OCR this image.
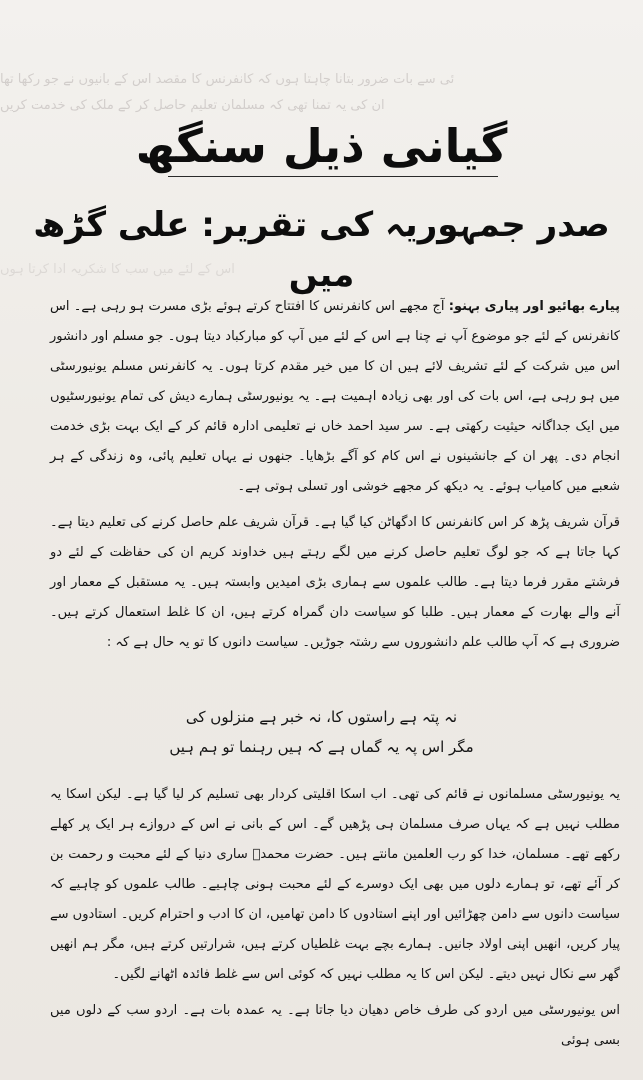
ئی سے بات ضرور بتانا چاہتا ہوں کہ کانفرنس کا مقصد اس کے بانیوں نے جو رکھا تھا
ان کی یہ تمنا تھی کہ مسلمان تعلیم حاصل کر کے ملک کی خدمت کریں
اس کے لئے میں سب کا شکریہ ادا کرتا ہوں
گیانی ذیل سنگھ
صدر جمہوریہ کی تقریر: علی گڑھ میں

پیارے بھائیو اور پیاری بہنو: آج مجھے اس کانفرنس کا افتتاح کرتے ہوئے بڑی مسرت ہو رہی ہے۔ اس کانفرنس کے لئے جو موضوع آپ نے چنا ہے اس کے لئے میں آپ کو مبارکباد دیتا ہوں۔ جو مسلم اور دانشور اس میں شرکت کے لئے تشریف لائے ہیں ان کا میں خیر مقدم کرتا ہوں۔ یہ کانفرنس مسلم یونیورسٹی میں ہو رہی ہے، اس بات کی اور بھی زیادہ اہمیت ہے۔ یہ یونیورسٹی ہمارے دیش کی تمام یونیورسٹیوں میں ایک جداگانہ حیثیت رکھتی ہے۔ سر سید احمد خاں نے تعلیمی ادارہ قائم کر کے ایک بہت بڑی خدمت انجام دی۔ پھر ان کے جانشینوں نے اس کام کو آگے بڑھایا۔ جنھوں نے یہاں تعلیم پائی، وہ زندگی کے ہر شعبے میں کامیاب ہوئے۔ یہ دیکھ کر مجھے خوشی اور تسلی ہوتی ہے۔

قرآن شریف پڑھ کر اس کانفرنس کا ادگھاٹن کیا گیا ہے۔ قرآن شریف علم حاصل کرنے کی تعلیم دیتا ہے۔ کہا جاتا ہے کہ جو لوگ تعلیم حاصل کرنے میں لگے رہتے ہیں خداوند کریم ان کی حفاظت کے لئے دو فرشتے مقرر فرما دیتا ہے۔ طالب علموں سے ہماری بڑی امیدیں وابستہ ہیں۔ یہ مستقبل کے معمار اور آنے والے بھارت کے معمار ہیں۔ طلبا کو سیاست دان گمراہ کرتے ہیں، ان کا غلط استعمال کرتے ہیں۔ ضروری ہے کہ آپ طالب علم دانشوروں سے رشتہ جوڑیں۔ سیاست دانوں کا تو یہ حال ہے کہ :

نہ پتہ ہے راستوں کا، نہ خبر ہے منزلوں کی
مگر اس پہ یہ گماں ہے کہ ہیں رہنما تو ہم ہیں

یہ یونیورسٹی مسلمانوں نے قائم کی تھی۔ اب اسکا اقلیتی کردار بھی تسلیم کر لیا گیا ہے۔ لیکن اسکا یہ مطلب نہیں ہے کہ یہاں صرف مسلمان ہی پڑھیں گے۔ اس کے بانی نے اس کے دروازے ہر ایک پر کھلے رکھے تھے۔ مسلمان، خدا کو رب العلمین مانتے ہیں۔ حضرت محمدؐ ساری دنیا کے لئے محبت و رحمت بن کر آئے تھے، تو ہمارے دلوں میں بھی ایک دوسرے کے لئے محبت ہونی چاہیے۔ طالب علموں کو چاہیے کہ سیاست دانوں سے دامن چھڑائیں اور اپنے استادوں کا دامن تھامیں، ان کا ادب و احترام کریں۔ استادوں سے پیار کریں، انھیں اپنی اولاد جانیں۔ ہمارے بچے بہت غلطیاں کرتے ہیں، شرارتیں کرتے ہیں، مگر ہم انھیں گھر سے نکال نہیں دیتے۔ لیکن اس کا یہ مطلب نہیں کہ کوئی اس سے غلط فائدہ اٹھانے لگیں۔

اس یونیورسٹی میں اردو کی طرف خاص دھیان دیا جاتا ہے۔ یہ عمدہ بات ہے۔ اردو سب کے دلوں میں بسی ہوئی
